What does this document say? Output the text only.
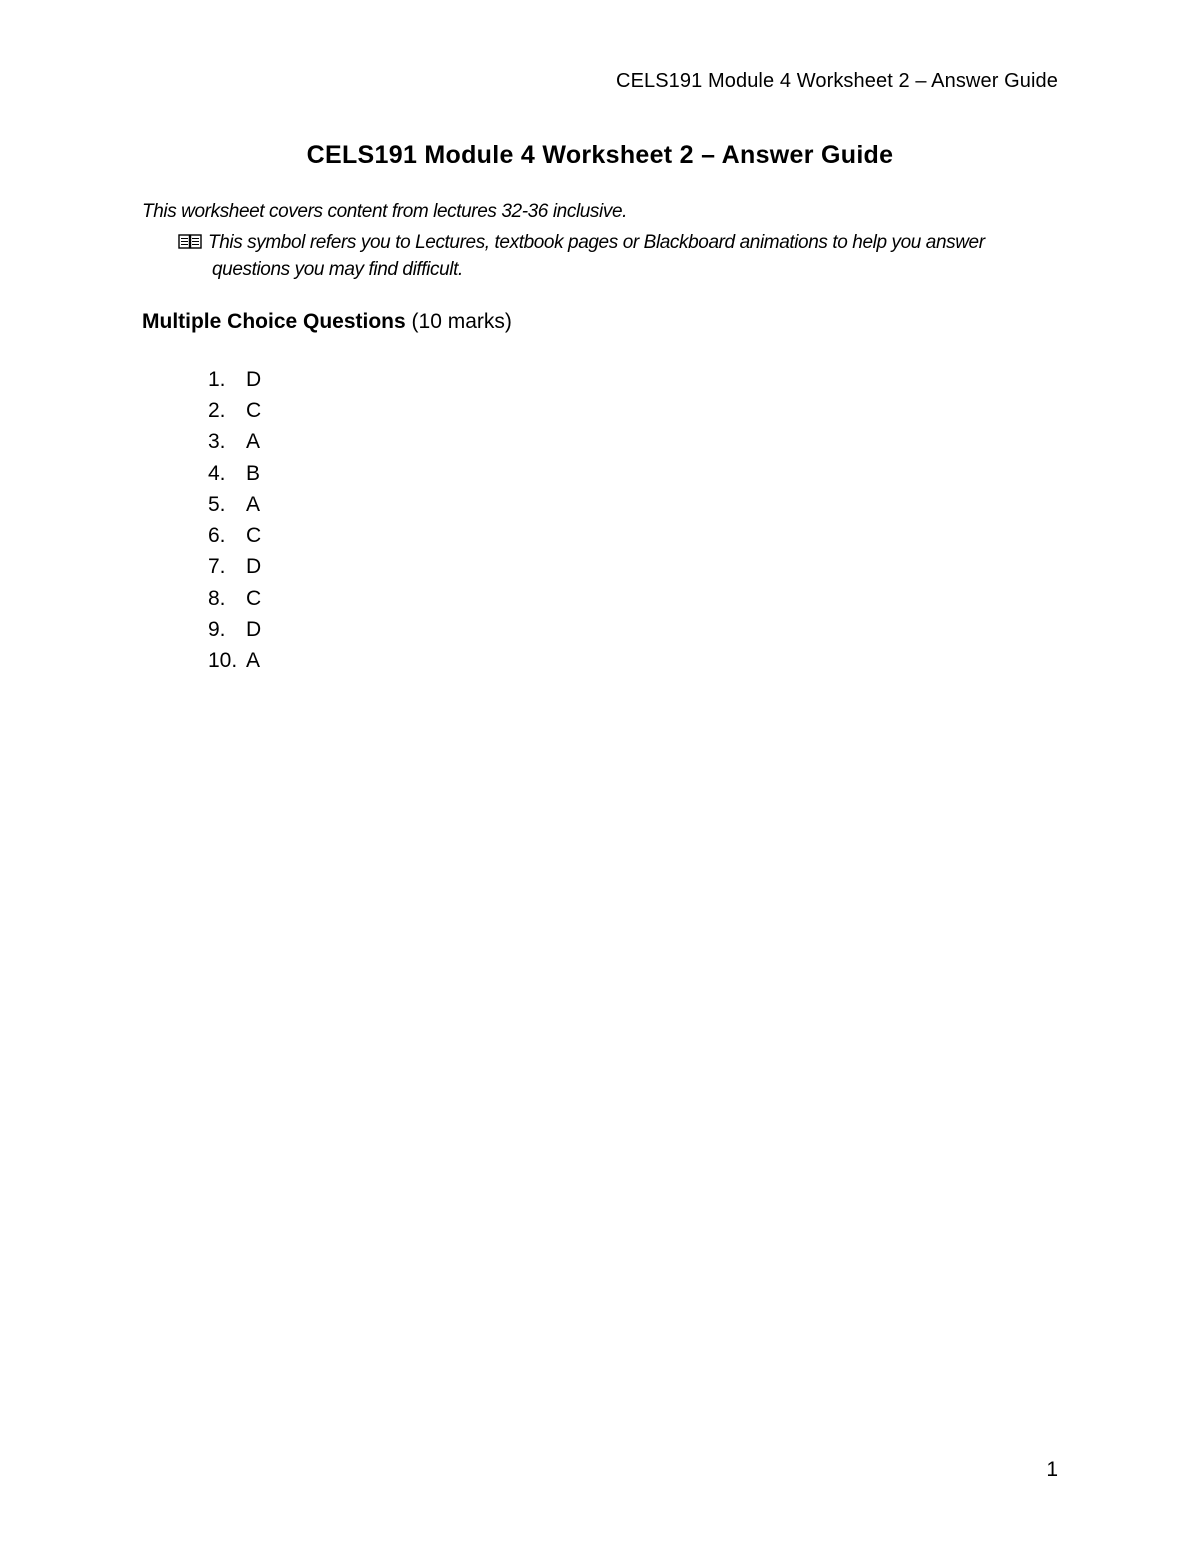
CELS191 Module 4 Worksheet 2 – Answer Guide
CELS191 Module 4 Worksheet 2 – Answer Guide
This worksheet covers content from lectures 32-36 inclusive.
This symbol refers you to Lectures, textbook pages or Blackboard animations to help you answer
questions you may find difficult.
Multiple Choice Questions (10 marks)
1. D
2. C
3. A
4. B
5. A
6. C
7. D
8. C
9. D
10. A
1
